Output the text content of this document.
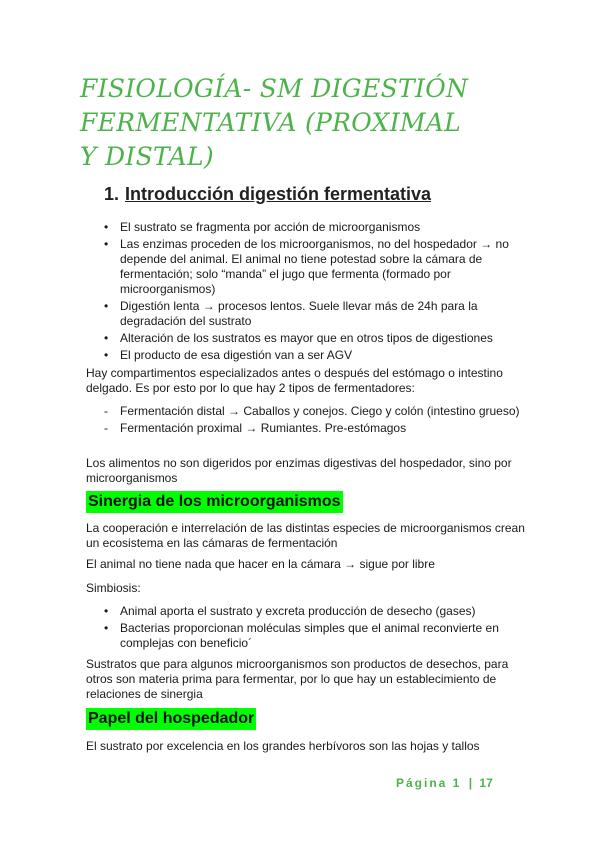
FISIOLOGÍA- SM DIGESTIÓN
FERMENTATIVA (PROXIMAL
Y DISTAL)
1. Introducción digestión fermentativa
• El sustrato se fragmenta por acción de microorganismos
• Las enzimas proceden de los microorganismos, no del hospedador → no depende del animal. El animal no tiene potestad sobre la cámara de fermentación; solo “manda” el jugo que fermenta (formado por microorganismos)
• Digestión lenta → procesos lentos. Suele llevar más de 24h para la degradación del sustrato
• Alteración de los sustratos es mayor que en otros tipos de digestiones
• El producto de esa digestión van a ser AGV

Hay compartimentos especializados antes o después del estómago o intestino delgado. Es por esto por lo que hay 2 tipos de fermentadores:

- Fermentación distal → Caballos y conejos. Ciego y colón (intestino grueso)
- Fermentación proximal → Rumiantes. Pre-estómagos

Los alimentos no son digeridos por enzimas digestivas del hospedador, sino por microorganismos

Sinergia de los microorganismos

La cooperación e interrelación de las distintas especies de microorganismos crean un ecosistema en las cámaras de fermentación

El animal no tiene nada que hacer en la cámara → sigue por libre

Simbiosis:

• Animal aporta el sustrato y excreta producción de desecho (gases)
• Bacterias proporcionan moléculas simples que el animal reconvierte en complejas con beneficio´

Sustratos que para algunos microorganismos son productos de desechos, para otros son materia prima para fermentar, por lo que hay un establecimiento de relaciones de sinergia

Papel del hospedador

El sustrato por excelencia en los grandes herbívoros son las hojas y tallos

Página 1 | 17
